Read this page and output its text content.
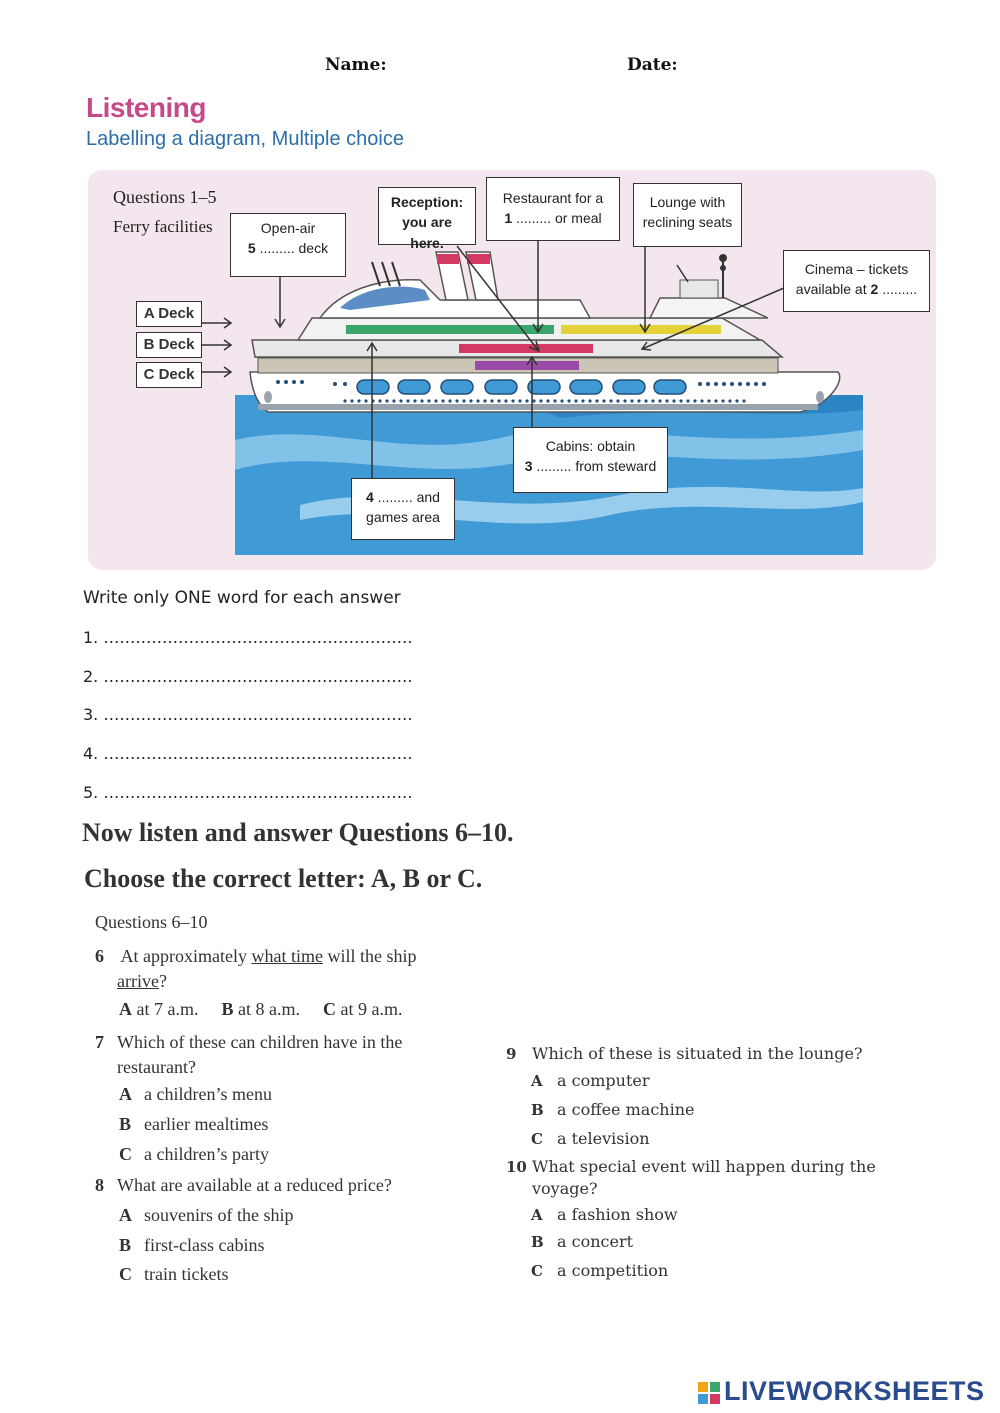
Name:	Date:
Listening
Labelling a diagram, Multiple choice
Questions 1–5
Ferry facilities
A Deck
B Deck
C Deck
Open-air
5 ......... deck
Reception:
you are here.
Restaurant for a
1 ......... or meal
Lounge with
reclining seats
Cinema – tickets
available at 2 .........
Cabins: obtain
3 ......... from steward
4 ......... and
games area
Write only ONE word for each answer
1. ………………………………………………….
2. ………………………………………………….
3. ………………………………………………….
4. ………………………………………………….
5. ………………………………………………….
Now listen and answer Questions 6–10.
Choose the correct letter: A, B or C.
Questions 6–10
6 At approximately what time will the ship
arrive?
A at 7 a.m. B at 8 a.m. C at 9 a.m.
7 Which of these can children have in the
restaurant?
A a children’s menu
B earlier mealtimes
C a children’s party
8 What are available at a reduced price?
A souvenirs of the ship
B first-class cabins
C train tickets
9 Which of these is situated in the lounge?
A a computer
B a coffee machine
C a television
10 What special event will happen during the
voyage?
A a fashion show
B a concert
C a competition
LIVEWORKSHEETS
